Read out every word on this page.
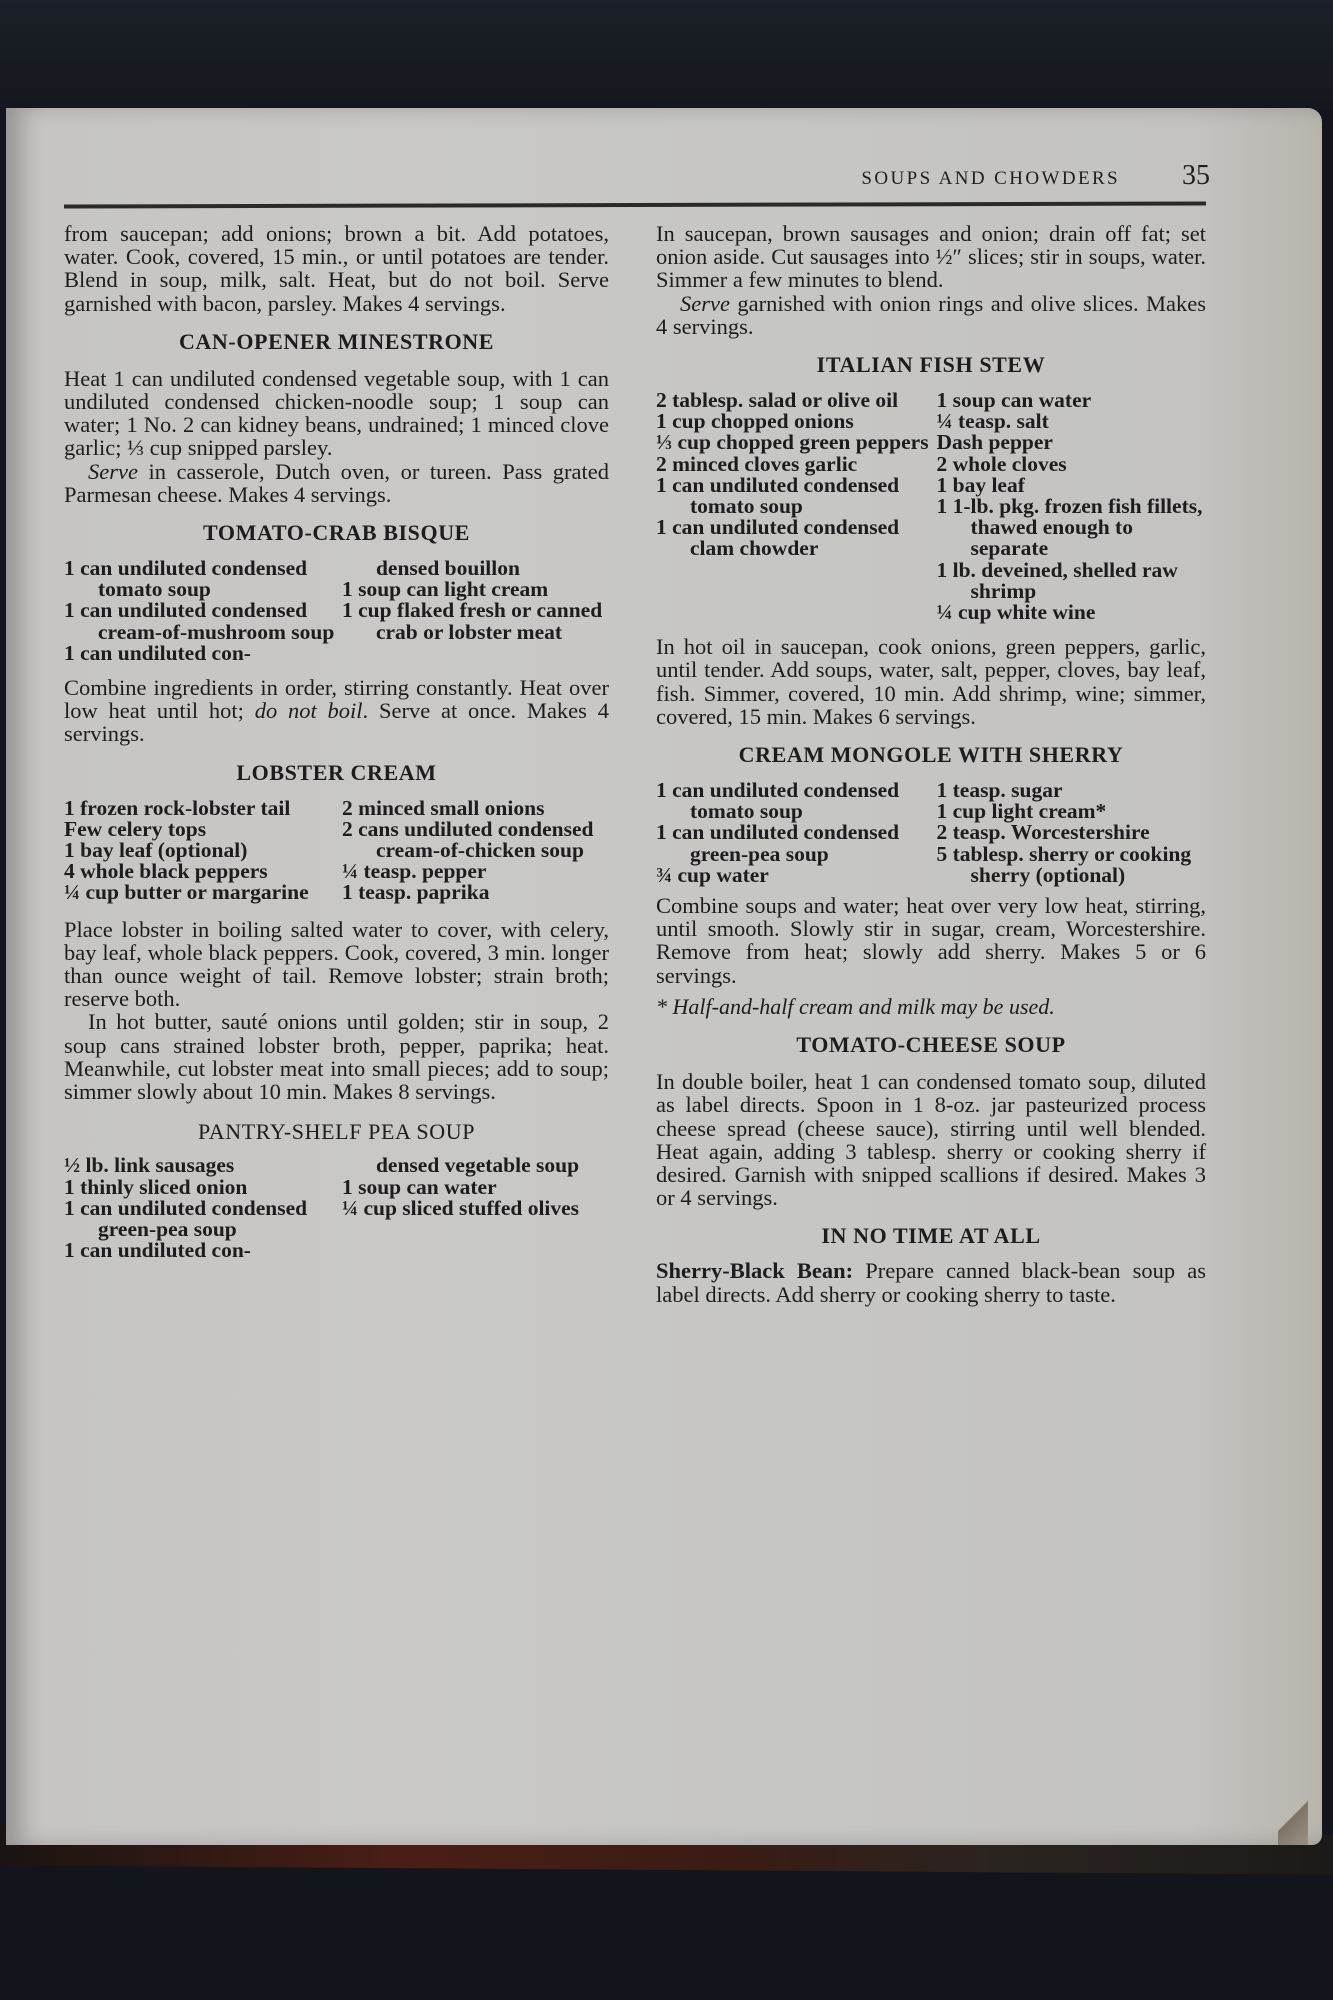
SOUPS AND CHOWDERS 35

from saucepan; add onions; brown a bit. Add potatoes, water. Cook, covered, 15 min., or until potatoes are tender. Blend in soup, milk, salt. Heat, but do not boil. Serve garnished with bacon, parsley. Makes 4 servings.

CAN-OPENER MINESTRONE

Heat 1 can undiluted condensed vegetable soup, with 1 can undiluted condensed chicken-noodle soup; 1 soup can water; 1 No. 2 can kidney beans, undrained; 1 minced clove garlic; ⅓ cup snipped parsley.

Serve in casserole, Dutch oven, or tureen. Pass grated Parmesan cheese. Makes 4 servings.

TOMATO-CRAB BISQUE

1 can undiluted condensed tomato soup

1 can undiluted condensed cream-of-mushroom soup

1 can undiluted con-

densed bouillon

1 soup can light cream

1 cup flaked fresh or canned crab or lobster meat

Combine ingredients in order, stirring constantly. Heat over low heat until hot; do not boil. Serve at once. Makes 4 servings.

LOBSTER CREAM

1 frozen rock-lobster tail

Few celery tops

1 bay leaf (optional)

4 whole black peppers

¼ cup butter or margarine

2 minced small onions

2 cans undiluted condensed cream-of-chicken soup

¼ teasp. pepper

1 teasp. paprika

Place lobster in boiling salted water to cover, with celery, bay leaf, whole black peppers. Cook, covered, 3 min. longer than ounce weight of tail. Remove lobster; strain broth; reserve both.

In hot butter, sauté onions until golden; stir in soup, 2 soup cans strained lobster broth, pepper, paprika; heat. Meanwhile, cut lobster meat into small pieces; add to soup; simmer slowly about 10 min. Makes 8 servings.

PANTRY-SHELF PEA SOUP

½ lb. link sausages

1 thinly sliced onion

1 can undiluted condensed green-pea soup

1 can undiluted con-

densed vegetable soup

1 soup can water

¼ cup sliced stuffed olives

In saucepan, brown sausages and onion; drain off fat; set onion aside. Cut sausages into ½″ slices; stir in soups, water. Simmer a few minutes to blend.

Serve garnished with onion rings and olive slices. Makes 4 servings.

ITALIAN FISH STEW

2 tablesp. salad or olive oil

1 cup chopped onions

⅓ cup chopped green peppers

2 minced cloves garlic

1 can undiluted condensed tomato soup

1 can undiluted condensed clam chowder

1 soup can water

¼ teasp. salt

Dash pepper

2 whole cloves

1 bay leaf

1 1-lb. pkg. frozen fish fillets, thawed enough to separate

1 lb. deveined, shelled raw shrimp

¼ cup white wine

In hot oil in saucepan, cook onions, green peppers, garlic, until tender. Add soups, water, salt, pepper, cloves, bay leaf, fish. Simmer, covered, 10 min. Add shrimp, wine; simmer, covered, 15 min. Makes 6 servings.

CREAM MONGOLE WITH SHERRY

1 can undiluted condensed tomato soup

1 can undiluted condensed green-pea soup

¾ cup water

1 teasp. sugar

1 cup light cream*

2 teasp. Worcestershire

5 tablesp. sherry or cooking sherry (optional)

Combine soups and water; heat over very low heat, stirring, until smooth. Slowly stir in sugar, cream, Worcestershire. Remove from heat; slowly add sherry. Makes 5 or 6 servings.

* Half-and-half cream and milk may be used.

TOMATO-CHEESE SOUP

In double boiler, heat 1 can condensed tomato soup, diluted as label directs. Spoon in 1 8-oz. jar pasteurized process cheese spread (cheese sauce), stirring until well blended. Heat again, adding 3 tablesp. sherry or cooking sherry if desired. Garnish with snipped scallions if desired. Makes 3 or 4 servings.

IN NO TIME AT ALL

Sherry-Black Bean: Prepare canned black-bean soup as label directs. Add sherry or cooking sherry to taste.
